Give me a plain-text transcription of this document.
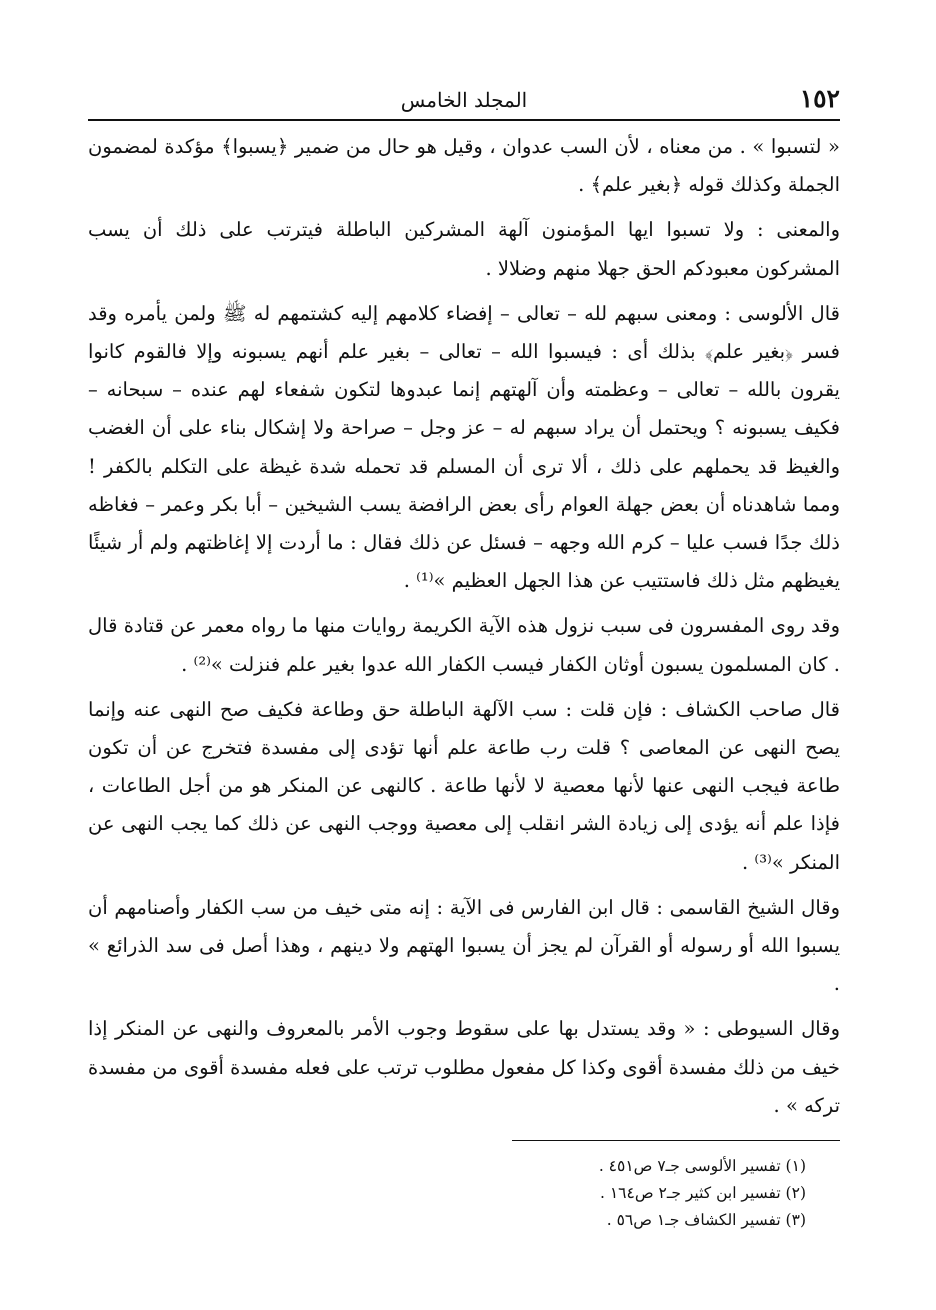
١٥٢
المجلد الخامس

« لتسبوا » . من معناه ، لأن السب عدوان ، وقيل هو حال من ضمير ﴿يسبوا﴾ مؤكدة لمضمون الجملة وكذلك قوله ﴿بغير علم﴾ .

والمعنى : ولا تسبوا ايها المؤمنون آلهة المشركين الباطلة فيترتب على ذلك أن يسب المشركون معبودكم الحق جهلا منهم وضلالا .

قال الألوسى : ومعنى سبهم لله – تعالى – إفضاء كلامهم إليه كشتمهم له ﷺ ولمن يأمره وقد فسر ﴿بغير علم﴾ بذلك أى : فيسبوا الله – تعالى – بغير علم أنهم يسبونه وإلا فالقوم كانوا يقرون بالله – تعالى – وعظمته وأن آلهتهم إنما عبدوها لتكون شفعاء لهم عنده – سبحانه – فكيف يسبونه ؟ ويحتمل أن يراد سبهم له – عز وجل – صراحة ولا إشكال بناء على أن الغضب والغيظ قد يحملهم على ذلك ، ألا ترى أن المسلم قد تحمله شدة غيظة على التكلم بالكفر ! ومما شاهدناه أن بعض جهلة العوام رأى بعض الرافضة يسب الشيخين – أبا بكر وعمر – فغاظه ذلك جدًا فسب عليا – كرم الله وجهه – فسئل عن ذلك فقال : ما أردت إلا إغاظتهم ولم أر شيئًا يغيظهم مثل ذلك فاستتيب عن هذا الجهل العظيم »⁽¹⁾ .

وقد روى المفسرون فى سبب نزول هذه الآية الكريمة روايات منها ما رواه معمر عن قتادة قال . كان المسلمون يسبون أوثان الكفار فيسب الكفار الله عدوا بغير علم فنزلت »⁽²⁾ .

قال صاحب الكشاف : فإن قلت : سب الآلهة الباطلة حق وطاعة فكيف صح النهى عنه وإنما يصح النهى عن المعاصى ؟ قلت رب طاعة علم أنها تؤدى إلى مفسدة فتخرج عن أن تكون طاعة فيجب النهى عنها لأنها معصية لا لأنها طاعة . كالنهى عن المنكر هو من أجل الطاعات ، فإذا علم أنه يؤدى إلى زيادة الشر انقلب إلى معصية ووجب النهى عن ذلك كما يجب النهى عن المنكر »⁽³⁾ .

وقال الشيخ القاسمى : قال ابن الفارس فى الآية : إنه متى خيف من سب الكفار وأصنامهم أن يسبوا الله أو رسوله أو القرآن لم يجز أن يسبوا الهتهم ولا دينهم ، وهذا أصل فى سد الذرائع » .

وقال السيوطى : « وقد يستدل بها على سقوط وجوب الأمر بالمعروف والنهى عن المنكر إذا خيف من ذلك مفسدة أقوى وكذا كل مفعول مطلوب ترتب على فعله مفسدة أقوى من مفسدة تركه » .

(١) تفسير الألوسى جـ٧ ص٤٥١ .

(٢) تفسير ابن كثير جـ٢ ص١٦٤ .

(٣) تفسير الكشاف جـ١ ص٥٦ .
